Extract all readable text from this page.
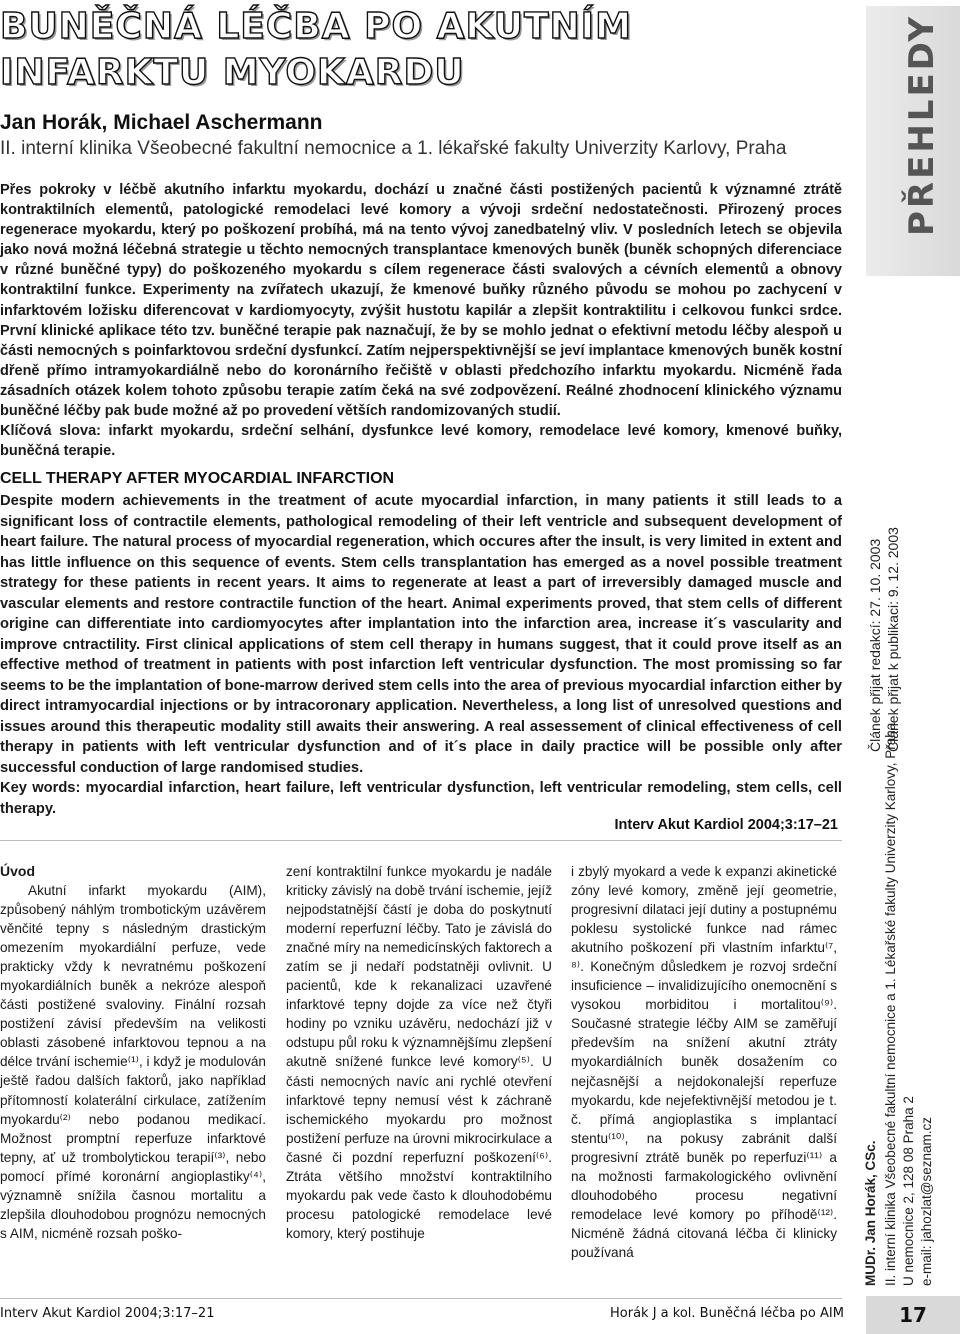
BUNĚČNÁ LÉČBA PO AKUTNÍM INFARKTU MYOKARDU
Jan Horák, Michael Aschermann
II. interní klinika Všeobecné fakultní nemocnice a 1. lékařské fakulty Univerzity Karlovy, Praha

Přes pokroky v léčbě akutního infarktu myokardu, dochází u značné části postižených pacientů k významné ztrátě kontraktilních elementů, patologické remodelaci levé komory a vývoji srdeční nedostatečnosti. Přirozený proces regenerace myokardu, který po poškození probíhá, má na tento vývoj zanedbatelný vliv. V posledních letech se objevila jako nová možná léčebná strategie u těchto nemocných transplantace kmenových buněk (buněk schopných diferenciace v různé buněčné typy) do poškozeného myokardu s cílem regenerace části svalových a cévních elementů a obnovy kontraktilní funkce. Experimenty na zvířatech ukazují, že kmenové buňky různého původu se mohou po zachycení v infarktovém ložisku diferencovat v kardiomyocyty, zvýšit hustotu kapilár a zlepšit kontraktilitu i celkovou funkci srdce. První klinické aplikace této tzv. buněčné terapie pak naznačují, že by se mohlo jednat o efektivní metodu léčby alespoň u části nemocných s poinfarktovou srdeční dysfunkcí. Zatím nejperspektivnější se jeví implantace kmenových buněk kostní dřeně přímo intramyokardiálně nebo do koronárního řečiště v oblasti předchozího infarktu myokardu. Nicméně řada zásadních otázek kolem tohoto způsobu terapie zatím čeká na své zodpovězení. Reálné zhodnocení klinického významu buněčné léčby pak bude možné až po provedení větších randomizovaných studií.

Klíčová slova: infarkt myokardu, srdeční selhání, dysfunkce levé komory, remodelace levé komory, kmenové buňky, buněčná terapie.

CELL THERAPY AFTER MYOCARDIAL INFARCTION

Despite modern achievements in the treatment of acute myocardial infarction, in many patients it still leads to a significant loss of contractile elements, pathological remodeling of their left ventricle and subsequent development of heart failure. The natural process of myocardial regeneration, which occures after the insult, is very limited in extent and has little influence on this sequence of events. Stem cells transplantation has emerged as a novel possible treatment strategy for these patients in recent years. It aims to regenerate at least a part of irreversibly damaged muscle and vascular elements and restore contractile function of the heart. Animal experiments proved, that stem cells of different origine can differentiate into cardiomyocytes after implantation into the infarction area, increase it´s vascularity and improve cntractility. First clinical applications of stem cell therapy in humans suggest, that it could prove itself as an effective method of treatment in patients with post infarction left ventricular dysfunction. The most promissing so far seems to be the implantation of bone-marrow derived stem cells into the area of previous myocardial infarction either by direct intramyocardial injections or by intracoronary application. Nevertheless, a long list of unresolved questions and issues around this therapeutic modality still awaits their answering. A real assessement of clinical effectiveness of cell therapy in patients with left ventricular dysfunction and of it´s place in daily practice will be possible only after successful conduction of large randomised studies.

Key words: myocardial infarction, heart failure, left ventricular dysfunction, left ventricular remodeling, stem cells, cell therapy.

Interv Akut Kardiol 2004;3:17–21
Úvod

Akutní infarkt myokardu (AIM), způsobený náhlým trombotickým uzávěrem věnčité tepny s následným drastickým omezením myokardiální perfuze, vede prakticky vždy k nevratnému poškození myokardiálních buněk a nekróze alespoň části postižené svaloviny. Finální rozsah postižení závisí především na velikosti oblasti zásobené infarktovou tepnou a na délce trvání ischemie⁽¹⁾, i když je modulován ještě řadou dalších faktorů, jako například přítomností kolaterální cirkulace, zatížením myokardu⁽²⁾ nebo podanou medikací. Možnost promptní reperfuze infarktové tepny, ať už trombolytickou terapií⁽³⁾, nebo pomocí přímé koronární angioplastiky⁽⁴⁾, významně snížila časnou mortalitu a zlepšila dlouhodobou prognózu nemocných s AIM, nicméně rozsah poško-

zení kontraktilní funkce myokardu je nadále kriticky závislý na době trvání ischemie, jejíž nejpodstatnější částí je doba do poskytnutí moderní reperfuzní léčby. Tato je závislá do značné míry na nemedicínských faktorech a zatím se ji nedaří podstatněji ovlivnit. U pacientů, kde k rekanalizaci uzavřené infarktové tepny dojde za více než čtyři hodiny po vzniku uzávěru, nedochází již v odstupu půl roku k významnějšímu zlepšení akutně snížené funkce levé komory⁽⁵⁾. U části nemocných navíc ani rychlé otevření infarktové tepny nemusí vést k záchraně ischemického myokardu pro možnost postižení perfuze na úrovni mikrocirkulace a časné či pozdní reperfuzní poškození⁽⁶⁾. Ztráta většího množství kontraktilního myokardu pak vede často k dlouhodobému procesu patologické remodelace levé komory, který postihuje

i zbylý myokard a vede k expanzi akinetické zóny levé komory, změně její geometrie, progresivní dilataci její dutiny a postupnému poklesu systolické funkce nad rámec akutního poškození při vlastním infarktu⁽⁷, ⁸⁾. Konečným důsledkem je rozvoj srdeční insuficience – invalidizujícího onemocnění s vysokou morbiditou i mortalitou⁽⁹⁾. Současné strategie léčby AIM se zaměřují především na snížení akutní ztráty myokardiálních buněk dosažením co nejčasnější a nejdokonalejší reperfuze myokardu, kde nejefektivnější metodou je t. č. přímá angioplastika s implantací stentu⁽¹⁰⁾, na pokusy zabránit další progresivní ztrátě buněk po reperfuzi⁽¹¹⁾ a na možnosti farmakologického ovlivnění dlouhodobého procesu negativní remodelace levé komory po příhodě⁽¹²⁾. Nicméně žádná citovaná léčba či klinicky používaná

Interv Akut Kardiol 2004;3:17–21	Horák J a kol. Buněčná léčba po AIM
PŘEHLEDY
Článek přijat redakcí: 27. 10. 2003 Článek přijat k publikaci: 9. 12. 2003
MUDr. Jan Horák, CSc. II. interní klinika Všeobecné fakultní nemocnice a 1. Lékařské fakulty Univerzity Karlovy, Praha U nemocnice 2, 128 08 Praha 2 e-mail: jahozlat@seznam.cz
17
